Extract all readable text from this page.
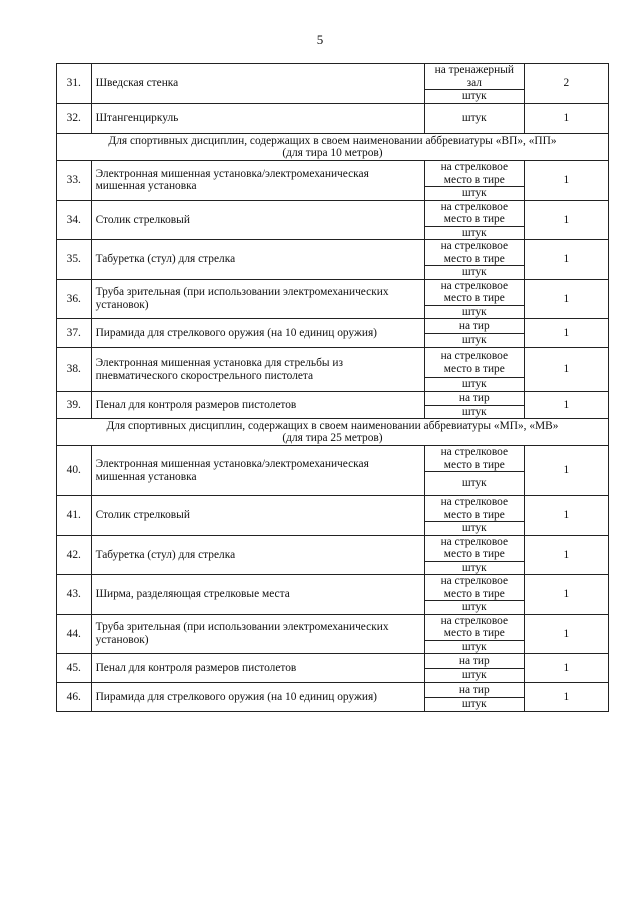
5
31.	Шведская стенка	на тренажерный зал	2
		штук	
32.	Штангенциркуль	штук	1

Для спортивных дисциплин, содержащих в своем наименовании аббревиатуры «ВП», «ПП»
(для тира 10 метров)			

33.	Электронная мишенная установка/электромеханическая мишенная установка	на стрелковое место в тире	1
		штук	
34.	Столик стрелковый	на стрелковое место в тире	1
		штук	
35.	Табуретка (стул) для стрелка	на стрелковое место в тире	1
		штук	
36.	Труба зрительная (при использовании электромеханических установок)	на стрелковое место в тире	1
		штук	
37.	Пирамида для стрелкового оружия (на 10 единиц оружия)	на тир	1
		штук	
38.	Электронная мишенная установка для стрельбы из пневматического скорострельного пистолета	на стрелковое место в тире	1
		штук	
39.	Пенал для контроля размеров пистолетов	на тир	1
		штук	

Для спортивных дисциплин, содержащих в своем наименовании аббревиатуры «МП», «МВ»
(для тира 25 метров)			

40.	Электронная мишенная установка/электромеханическая мишенная установка	на стрелковое место в тире	1
		штук	
41.	Столик стрелковый	на стрелковое место в тире	1
		штук	
42.	Табуретка (стул) для стрелка	на стрелковое место в тире	1
		штук	
43.	Ширма, разделяющая стрелковые места	на стрелковое место в тире	1
		штук	
44.	Труба зрительная (при использовании электромеханических установок)	на стрелковое место в тире	1
		штук	
45.	Пенал для контроля размеров пистолетов	на тир	1
		штук	
46.	Пирамида для стрелкового оружия (на 10 единиц оружия)	на тир	1
		штук	
